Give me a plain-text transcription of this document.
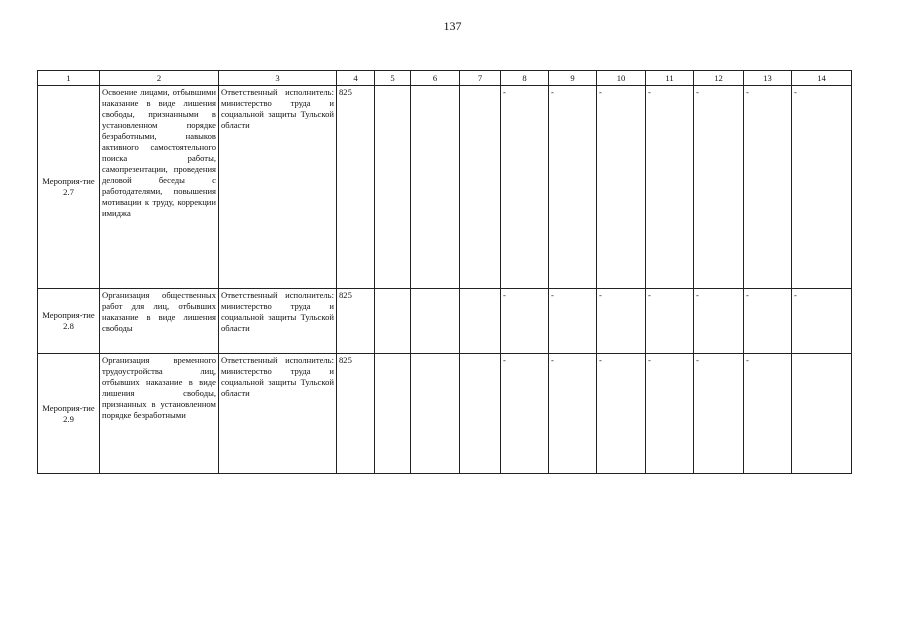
137
1	2	3	4	5	6	7	8	9	10	11	12	13	14
Мероприя-тие 2.7	Освоение лицами, отбывшими наказание в виде лишения свободы, признанными в установленном порядке безработными, навыков активного самостоятельного поиска работы, самопрезентации, проведения деловой беседы с работодателями, повышения мотивации к труду, коррекции имиджа	Ответственный исполнитель: министерство труда и социальной защиты Тульской области	825				-	-	-	-	-	-	-
Мероприя-тие 2.8	Организация общественных работ для лиц, отбывших наказание в виде лишения свободы	Ответственный исполнитель: министерство труда и социальной защиты Тульской области	825				-	-	-	-	-	-	-
Мероприя-тие 2.9	Организация временного трудоустройства лиц, отбывших наказание в виде лишения свободы, признанных в установленном порядке безработными	Ответственный исполнитель: министерство труда и социальной защиты Тульской области	825				-	-	-	-	-	-	
